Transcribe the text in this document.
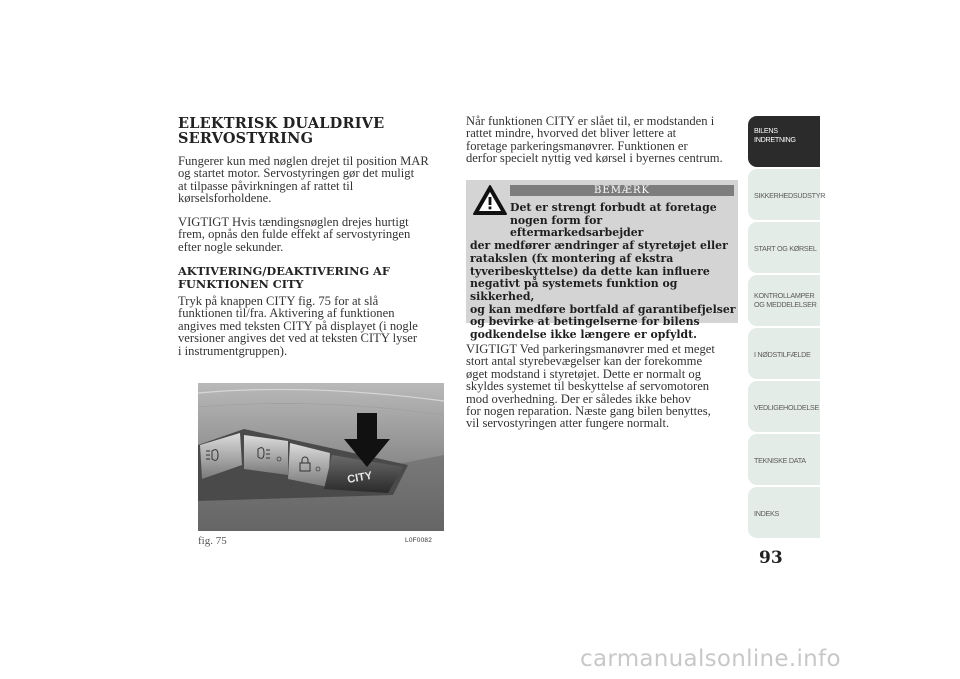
ELEKTRISK DUALDRIVE
SERVOSTYRING
Fungerer kun med nøglen drejet til position MAR
og startet motor. Servostyringen gør det muligt
at tilpasse påvirkningen af rattet til
kørselsforholdene.
VIGTIGT Hvis tændingsnøglen drejes hurtigt
frem, opnås den fulde effekt af servostyringen
efter nogle sekunder.
AKTIVERING/DEAKTIVERING AF
FUNKTIONEN CITY
Tryk på knappen CITY fig. 75 for at slå
funktionen til/fra. Aktivering af funktionen
angives med teksten CITY på displayet (i nogle
versioner angives det ved at teksten CITY lyser
i instrumentgruppen).
CITY
fig. 75	L0F0082
Når funktionen CITY er slået til, er modstanden i
rattet mindre, hvorved det bliver lettere at
foretage parkeringsmanøvrer. Funktionen er
derfor specielt nyttig ved kørsel i byernes centrum.
BEMÆRK
Det er strengt forbudt at foretage
nogen form for eftermarkedsarbejder
der medfører ændringer af styretøjet eller
ratakslen (fx montering af ekstra
tyveribeskyttelse) da dette kan influere
negativt på systemets funktion og sikkerhed,
og kan medføre bortfald af garantibefjelser
og bevirke at betingelserne for bilens
godkendelse ikke længere er opfyldt.
VIGTIGT Ved parkeringsmanøvrer med et meget
stort antal styrebevægelser kan der forekomme
øget modstand i styretøjet. Dette er normalt og
skyldes systemet til beskyttelse af servomotoren
mod overhedning. Der er således ikke behov
for nogen reparation. Næste gang bilen benyttes,
vil servostyringen atter fungere normalt.
BILENS
INDRETNING
SIKKERHEDSUDSTYR
START OG KØRSEL
KONTROLLAMPER
OG MEDDELELSER
I NØDSTILFÆLDE
VEDLIGEHOLDELSE
TEKNISKE DATA
INDEKS
93
carmanualsonline.info
